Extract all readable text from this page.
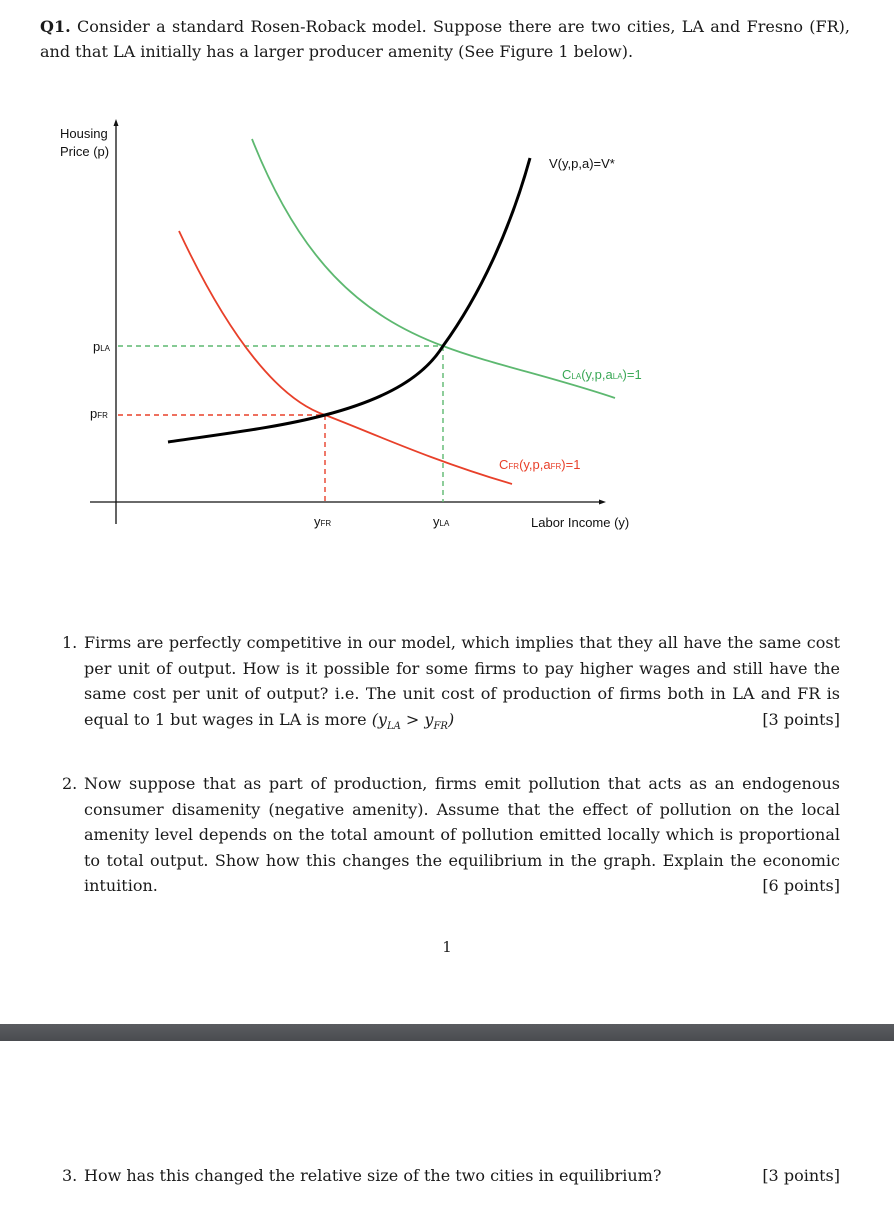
Q1. Consider a standard Rosen-Roback model. Suppose there are two cities, LA and Fresno (FR), and that LA initially has a larger producer amenity (See Figure 1 below).
Housing
Price (p)
Labor Income (y)
pLA
pFR
yFR	yLA
V(y,p,a)=V*
CLA(y,p,aLA)=1
CFR(y,p,aFR)=1
1. Firms are perfectly competitive in our model, which implies that they all have the same cost per unit of output. How is it possible for some firms to pay higher wages and still have the same cost per unit of output? i.e. The unit cost of production of firms both in LA and FR is equal to 1 but wages in LA is more $(y_{LA} > y_{FR})$	[3 points]
2. Now suppose that as part of production, firms emit pollution that acts as an endogenous consumer disamenity (negative amenity). Assume that the effect of pollution on the local amenity level depends on the total amount of pollution emitted locally which is proportional to total output. Show how this changes the equilibrium in the graph. Explain the economic intuition.	[6 points]
1
3. How has this changed the relative size of the two cities in equilibrium?	[3 points]
